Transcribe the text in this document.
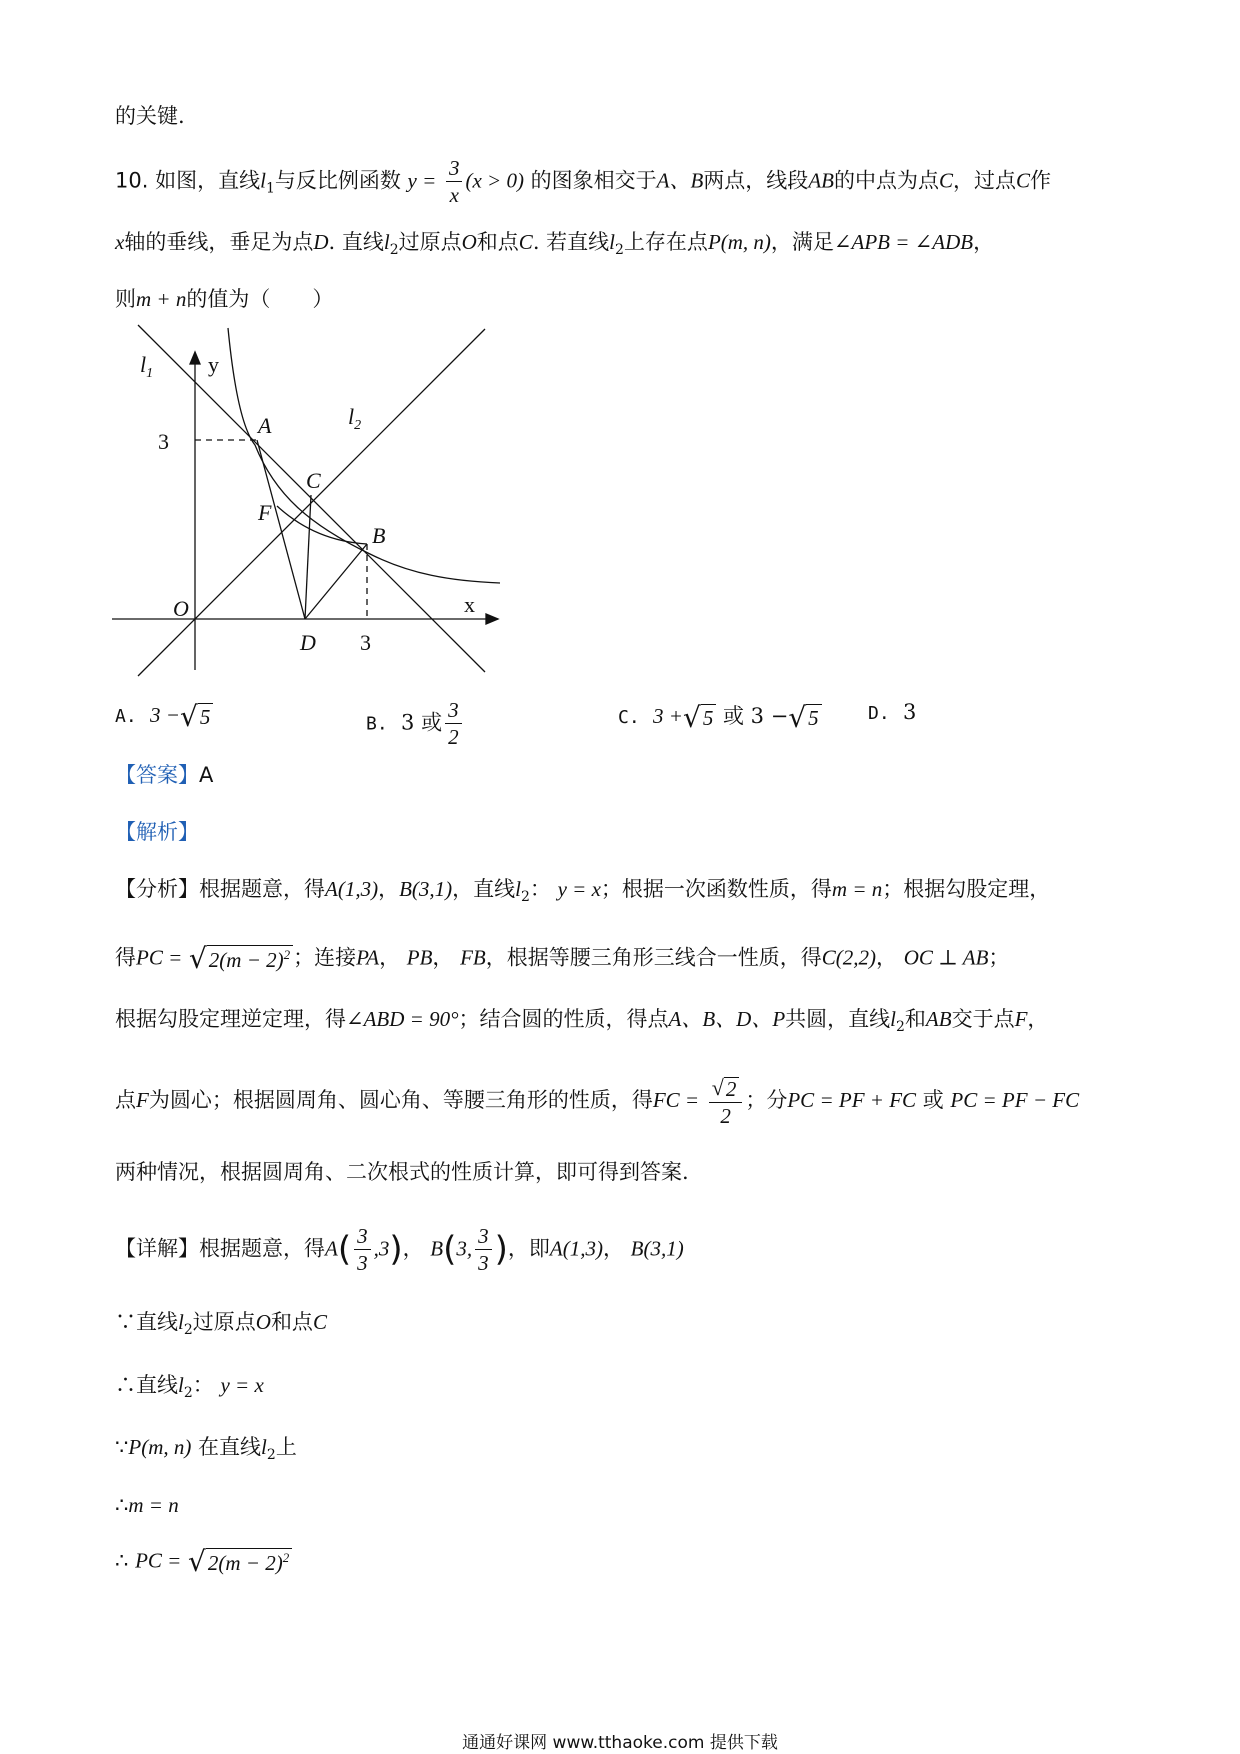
的关键.
10. 如图，直线$l_1$与反比例函数 $y = \frac{3}{x} (x > 0)$ 的图象相交于A、B两点，线段AB的中点为点C，过点C作
x轴的垂线，垂足为点D. 直线$l_2$过原点O和点C. 若直线$l_2$上存在点P(m, n)，满足∠APB = ∠ADB，
则m + n的值为（　　）
$l_1$ y
3
A	$l_2$
C
F
B
O	x
D 3
A. 3 −√5	B. 3 或 $\frac{3}{2}$	C. 3 +√5 或 3 −√5	D. 3
【答案】A
【解析】
【分析】根据题意，得A(1,3)，B(3,1)，直线$l_2$： y = x；根据一次函数性质，得m = n；根据勾股定理，
得PC = $√2(m - 2)^2$ ；连接PA， PB， FB，根据等腰三角形三线合一性质，得C(2,2)， OC ⊥ AB；
根据勾股定理逆定理，得∠ABD = 90°；结合圆的性质，得点A、B、D、P共圆，直线$l_2$和AB交于点F，
点F为圆心；根据圆周角、圆心角、等腰三角形的性质，得FC = $\frac{√2}{2}$ ；分PC = PF + FC 或 PC = PF − FC
两种情况，根据圆周角、二次根式的性质计算，即可得到答案.
【详解】根据题意，得$A( \frac{3}{3} ,3)$， B(3, $\frac{3}{3}$ )，即A(1,3)， B(3,1)
∵直线$l_2$过原点O和点C
∴直线$l_2$： y = x
∵P(m, n) 在直线$l_2$上
∴m = n
∴ PC = $√2(m - 2)^2$
通通好课网 www.tthaoke.com 提供下载
